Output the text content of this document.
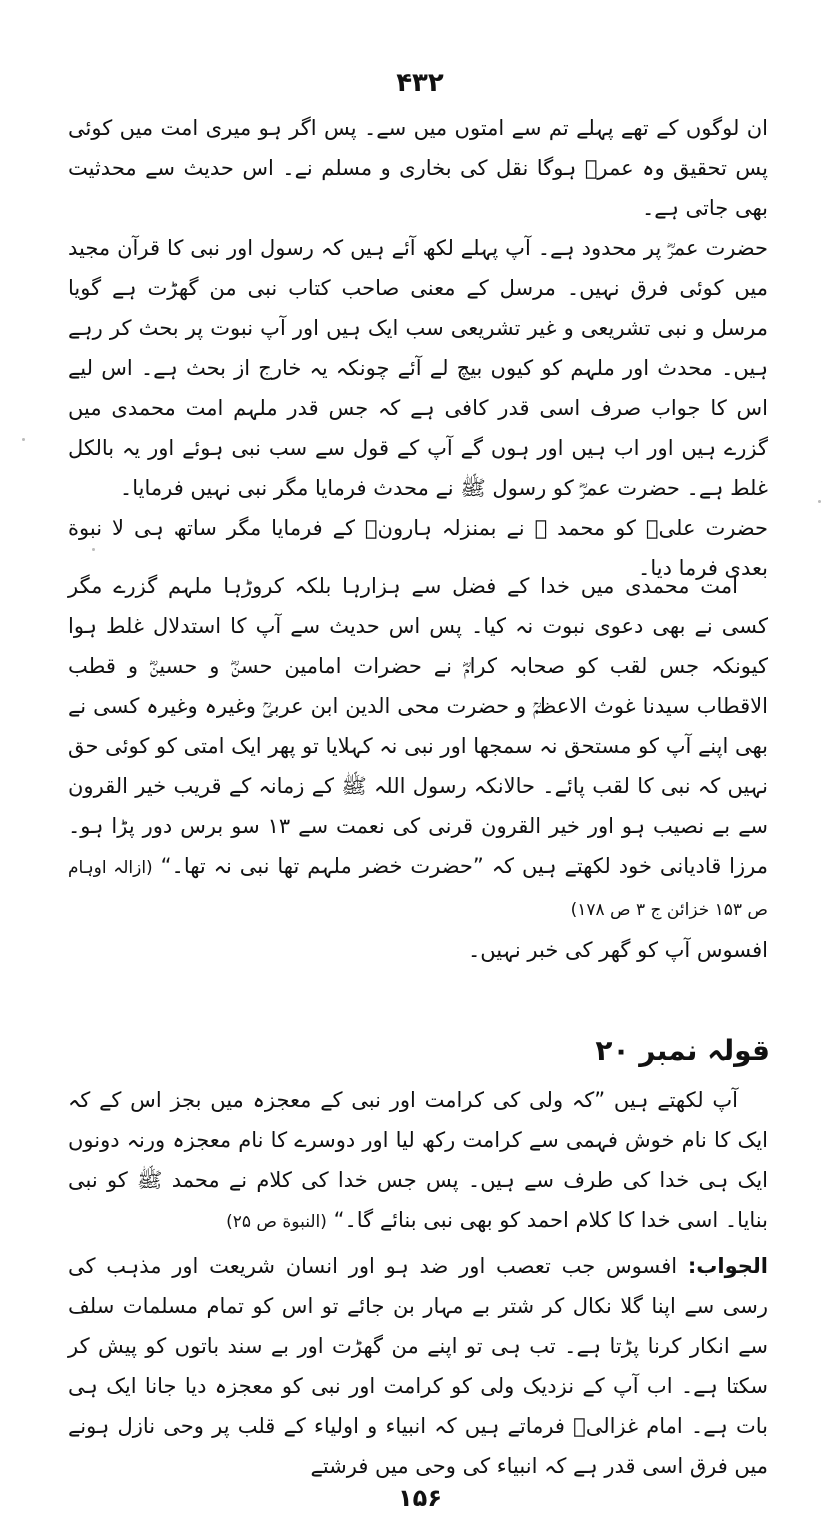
۴۳۲

ان لوگوں کے تھے پہلے تم سے امتوں میں سے۔ پس اگر ہو میری امت میں کوئی پس تحقیق وہ عمرؓ ہوگا نقل کی بخاری و مسلم نے۔ اس حدیث سے محدثیت بھی جاتی ہے۔

حضرت عمرؓ پر محدود ہے۔ آپ پہلے لکھ آئے ہیں کہ رسول اور نبی کا قرآن مجید میں کوئی فرق نہیں۔ مرسل کے معنی صاحب کتاب نبی من گھڑت ہے گویا مرسل و نبی تشریعی و غیر تشریعی سب ایک ہیں اور آپ نبوت پر بحث کر رہے ہیں۔ محدث اور ملہم کو کیوں بیچ لے آئے چونکہ یہ خارج از بحث ہے۔ اس لیے اس کا جواب صرف اسی قدر کافی ہے کہ جس قدر ملہم امت محمدی میں گزرے ہیں اور اب ہیں اور ہوں گے آپ کے قول سے سب نبی ہوئے اور یہ بالکل غلط ہے۔ حضرت عمرؓ کو رسول ﷺ نے محدث فرمایا مگر نبی نہیں فرمایا۔

حضرت علیؓ کو محمد ﷺ نے بمنزلہ ہارونؑ کے فرمایا مگر ساتھ ہی لا نبوة بعدی فرما دیا۔

امت محمدی میں خدا کے فضل سے ہزارہا بلکہ کروڑہا ملہم گزرے مگر کسی نے بھی دعوی نبوت نہ کیا۔ پس اس حدیث سے آپ کا استدلال غلط ہوا کیونکہ جس لقب کو صحابہ کرامؓ نے حضرات امامین حسنؓ و حسینؓ و قطب الاقطاب سیدنا غوث الاعظمؒ و حضرت محی الدین ابن عربیؒ وغیرہ وغیرہ کسی نے بھی اپنے آپ کو مستحق نہ سمجھا اور نبی نہ کہلایا تو پھر ایک امتی کو کوئی حق نہیں کہ نبی کا لقب پائے۔ حالانکہ رسول اللہ ﷺ کے زمانہ کے قریب خیر القرون سے بے نصیب ہو اور خیر القرون قرنی کی نعمت سے ۱۳ سو برس دور پڑا ہو۔ مرزا قادیانی خود لکھتے ہیں کہ ”حضرت خضر ملہم تھا نبی نہ تھا۔“ (ازالہ اوہام ص ۱۵۳ خزائن ج ۳ ص ۱۷۸)

افسوس آپ کو گھر کی خبر نہیں۔

قولہ نمبر ۲۰

آپ لکھتے ہیں ”کہ ولی کی کرامت اور نبی کے معجزہ میں بجز اس کے کہ ایک کا نام خوش فہمی سے کرامت رکھ لیا اور دوسرے کا نام معجزہ ورنہ دونوں ایک ہی خدا کی طرف سے ہیں۔ پس جس خدا کی کلام نے محمد ﷺ کو نبی بنایا۔ اسی خدا کا کلام احمد کو بھی نبی بنائے گا۔“ (النبوة ص ۲۵)

الجواب: افسوس جب تعصب اور ضد ہو اور انسان شریعت اور مذہب کی رسی سے اپنا گلا نکال کر شتر بے مہار بن جائے تو اس کو تمام مسلمات سلف سے انکار کرنا پڑتا ہے۔ تب ہی تو اپنے من گھڑت اور بے سند باتوں کو پیش کر سکتا ہے۔ اب آپ کے نزدیک ولی کو کرامت اور نبی کو معجزہ دیا جانا ایک ہی بات ہے۔ امام غزالیؒ فرماتے ہیں کہ انبیاء و اولیاء کے قلب پر وحی نازل ہونے میں فرق اسی قدر ہے کہ انبیاء کی وحی میں فرشتے

۱۵۶
